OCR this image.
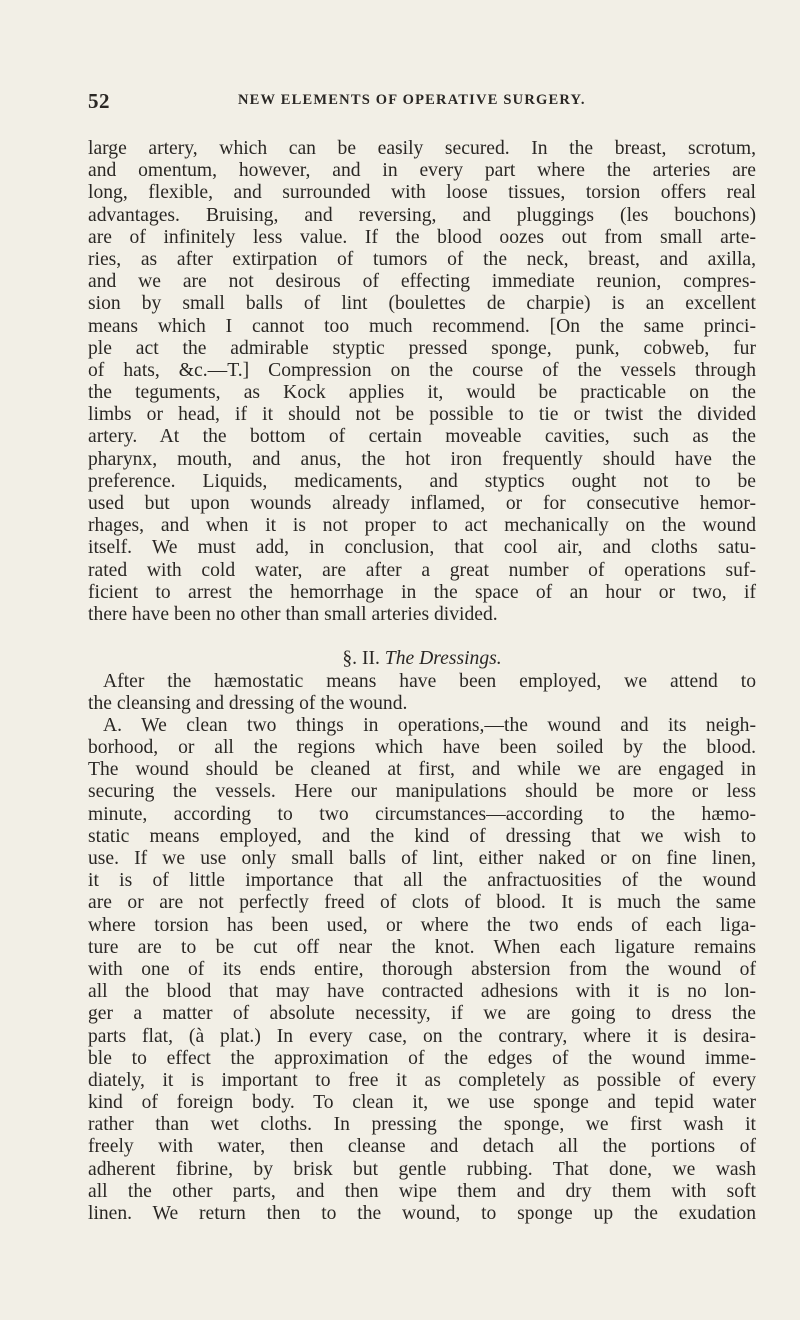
52	NEW ELEMENTS OF OPERATIVE SURGERY.
large artery, which can be easily secured. In the breast, scrotum,
and omentum, however, and in every part where the arteries are
long, flexible, and surrounded with loose tissues, torsion offers real
advantages. Bruising, and reversing, and pluggings (les bouchons)
are of infinitely less value. If the blood oozes out from small arte-
ries, as after extirpation of tumors of the neck, breast, and axilla,
and we are not desirous of effecting immediate reunion, compres-
sion by small balls of lint (boulettes de charpie) is an excellent
means which I cannot too much recommend. [On the same princi-
ple act the admirable styptic pressed sponge, punk, cobweb, fur
of hats, &c.—T.] Compression on the course of the vessels through
the teguments, as Kock applies it, would be practicable on the
limbs or head, if it should not be possible to tie or twist the divided
artery. At the bottom of certain moveable cavities, such as the
pharynx, mouth, and anus, the hot iron frequently should have the
preference. Liquids, medicaments, and styptics ought not to be
used but upon wounds already inflamed, or for consecutive hemor-
rhages, and when it is not proper to act mechanically on the wound
itself. We must add, in conclusion, that cool air, and cloths satu-
rated with cold water, are after a great number of operations suf-
ficient to arrest the hemorrhage in the space of an hour or two, if
there have been no other than small arteries divided.
§. II. The Dressings.
After the hæmostatic means have been employed, we attend to
the cleansing and dressing of the wound.
A. We clean two things in operations,—the wound and its neigh-
borhood, or all the regions which have been soiled by the blood.
The wound should be cleaned at first, and while we are engaged in
securing the vessels. Here our manipulations should be more or less
minute, according to two circumstances—according to the hæmo-
static means employed, and the kind of dressing that we wish to
use. If we use only small balls of lint, either naked or on fine linen,
it is of little importance that all the anfractuosities of the wound
are or are not perfectly freed of clots of blood. It is much the same
where torsion has been used, or where the two ends of each liga-
ture are to be cut off near the knot. When each ligature remains
with one of its ends entire, thorough abstersion from the wound of
all the blood that may have contracted adhesions with it is no lon-
ger a matter of absolute necessity, if we are going to dress the
parts flat, (à plat.) In every case, on the contrary, where it is desira-
ble to effect the approximation of the edges of the wound imme-
diately, it is important to free it as completely as possible of every
kind of foreign body. To clean it, we use sponge and tepid water
rather than wet cloths. In pressing the sponge, we first wash it
freely with water, then cleanse and detach all the portions of
adherent fibrine, by brisk but gentle rubbing. That done, we wash
all the other parts, and then wipe them and dry them with soft
linen. We return then to the wound, to sponge up the exudation
